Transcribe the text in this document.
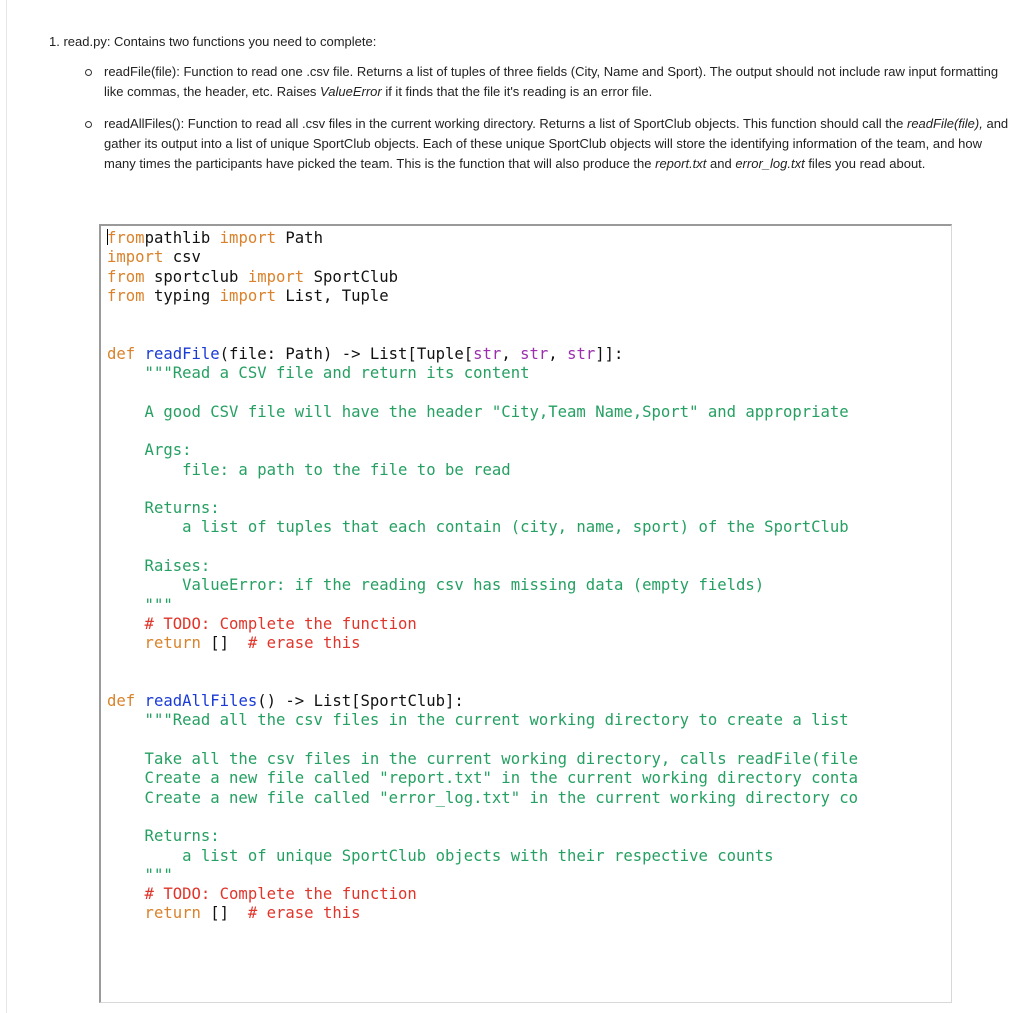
1. read.py: Contains two functions you need to complete:
readFile(file): Function to read one .csv file. Returns a list of tuples of three fields (City, Name and Sport). The output should not include raw input formatting like commas, the header, etc. Raises ValueError if it finds that the file it's reading is an error file.
readAllFiles(): Function to read all .csv files in the current working directory. Returns a list of SportClub objects. This function should call the readFile(file), and gather its output into a list of unique SportClub objects. Each of these unique SportClub objects will store the identifying information of the team, and how many times the participants have picked the team. This is the function that will also produce the report.txt and error_log.txt files you read about.
frompathlib import Path
import csv
from sportclub import SportClub
from typing import List, Tuple

def readFile(file: Path) -> List[Tuple[str, str, str]]:
"""Read a CSV file and return its content

A good CSV file will have the header "City,Team Name,Sport" and appropriate

Args:
file: a path to the file to be read

Returns:
a list of tuples that each contain (city, name, sport) of the SportClub

Raises:
ValueError: if the reading csv has missing data (empty fields)
"""
# TODO: Complete the function
return []  # erase this

def readAllFiles() -> List[SportClub]:
"""Read all the csv files in the current working directory to create a list

Take all the csv files in the current working directory, calls readFile(file
Create a new file called "report.txt" in the current working directory conta
Create a new file called "error_log.txt" in the current working directory co

Returns:
a list of unique SportClub objects with their respective counts
"""
# TODO: Complete the function
return []  # erase this
